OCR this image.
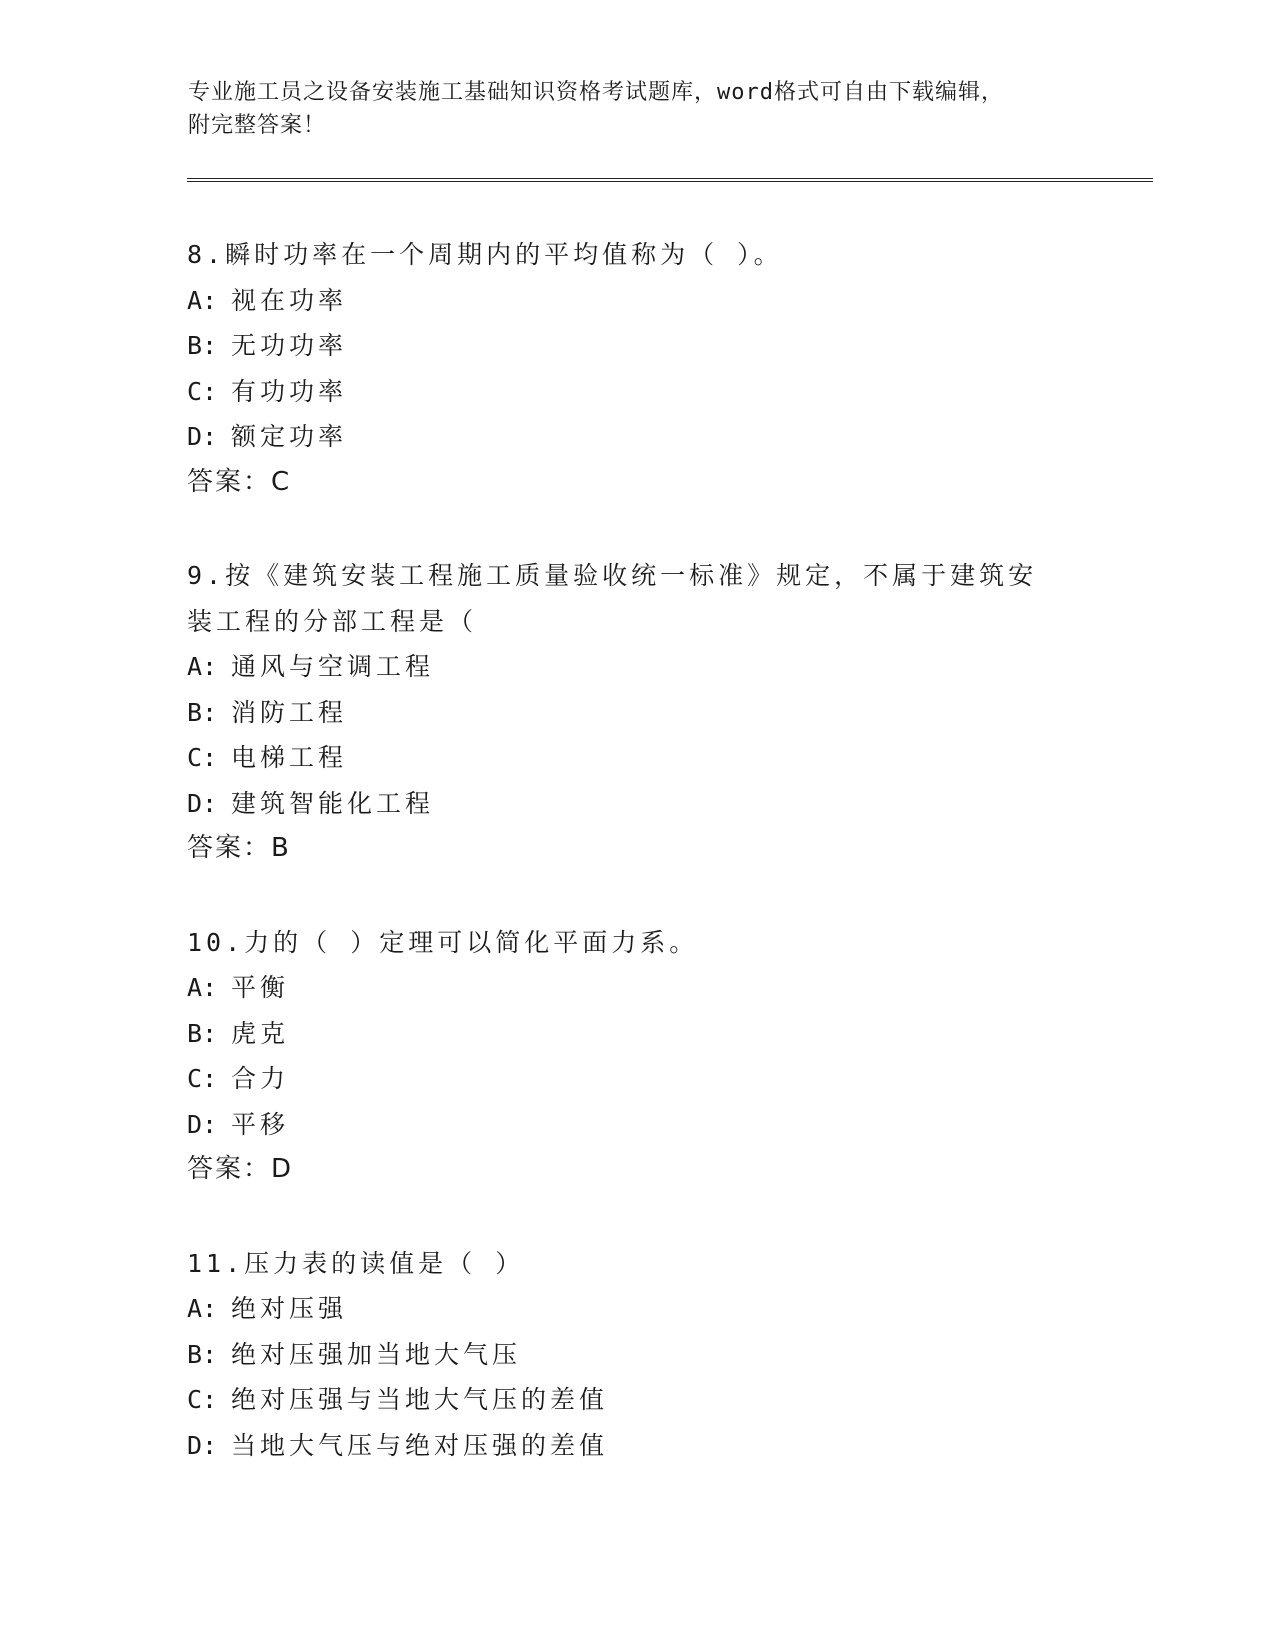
专业施工员之设备安装施工基础知识资格考试题库，word格式可自由下载编辑，
附完整答案！
8.瞬时功率在一个周期内的平均值称为（ ）。
A: 视在功率
B: 无功功率
C: 有功功率
D: 额定功率
答案：C
9.按《建筑安装工程施工质量验收统一标准》规定，不属于建筑安装工程的分部工程是（
A: 通风与空调工程
B: 消防工程
C: 电梯工程
D: 建筑智能化工程
答案：B
10.力的（ ）定理可以简化平面力系。
A: 平衡
B: 虎克
C: 合力
D: 平移
答案：D
11.压力表的读值是（ ）
A: 绝对压强
B: 绝对压强加当地大气压
C: 绝对压强与当地大气压的差值
D: 当地大气压与绝对压强的差值
